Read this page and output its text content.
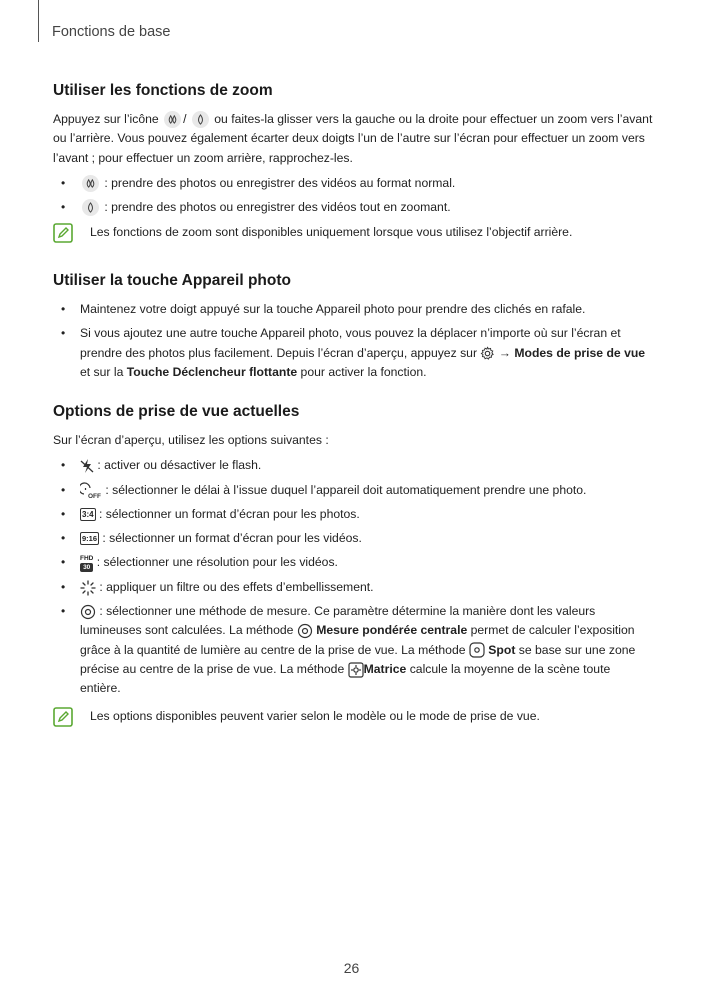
Fonctions de base
Utiliser les fonctions de zoom

Appuyez sur l’icône / ou faites-la glisser vers la gauche ou la droite pour effectuer un zoom vers l’avant ou l’arrière. Vous pouvez également écarter deux doigts l’un de l’autre sur l’écran pour effectuer un zoom vers l’avant ; pour effectuer un zoom arrière, rapprochez-les.

•	: prendre des photos ou enregistrer des vidéos au format normal.
•	: prendre des photos ou enregistrer des vidéos tout en zoomant.
Les fonctions de zoom sont disponibles uniquement lorsque vous utilisez l’objectif arrière.
Utiliser la touche Appareil photo
• Maintenez votre doigt appuyé sur la touche Appareil photo pour prendre des clichés en rafale.
• Si vous ajoutez une autre touche Appareil photo, vous pouvez la déplacer n’importe où sur l’écran et prendre des photos plus facilement. Depuis l’écran d’aperçu, appuyez sur
→ Modes de prise de vue et sur la Touche Déclencheur flottante pour activer la fonction.
Options de prise de vue actuelles

Sur l’écran d’aperçu, utilisez les options suivantes :

• : activer ou désactiver le flash.
•	OFF : sélectionner le délai à l’issue duquel l’appareil doit automatiquement prendre une photo.
• 3:4 : sélectionner un format d’écran pour les photos.
• 9:16 : sélectionner un format d’écran pour les vidéos.
• FHD
30 : sélectionner une résolution pour les vidéos.
•	: appliquer un filtre ou des effets d’embellissement.
•	: sélectionner une méthode de mesure. Ce paramètre détermine la manière dont les valeurs lumineuses sont calculées. La méthode
Mesure pondérée centrale permet de calculer l’exposition grâce à la quantité de lumière au centre de la prise de vue. La méthode
Spot se base sur une zone précise au centre de la prise de vue. La méthode
Matrice calcule la moyenne de la scène toute entière.
Les options disponibles peuvent varier selon le modèle ou le mode de prise de vue.
26
